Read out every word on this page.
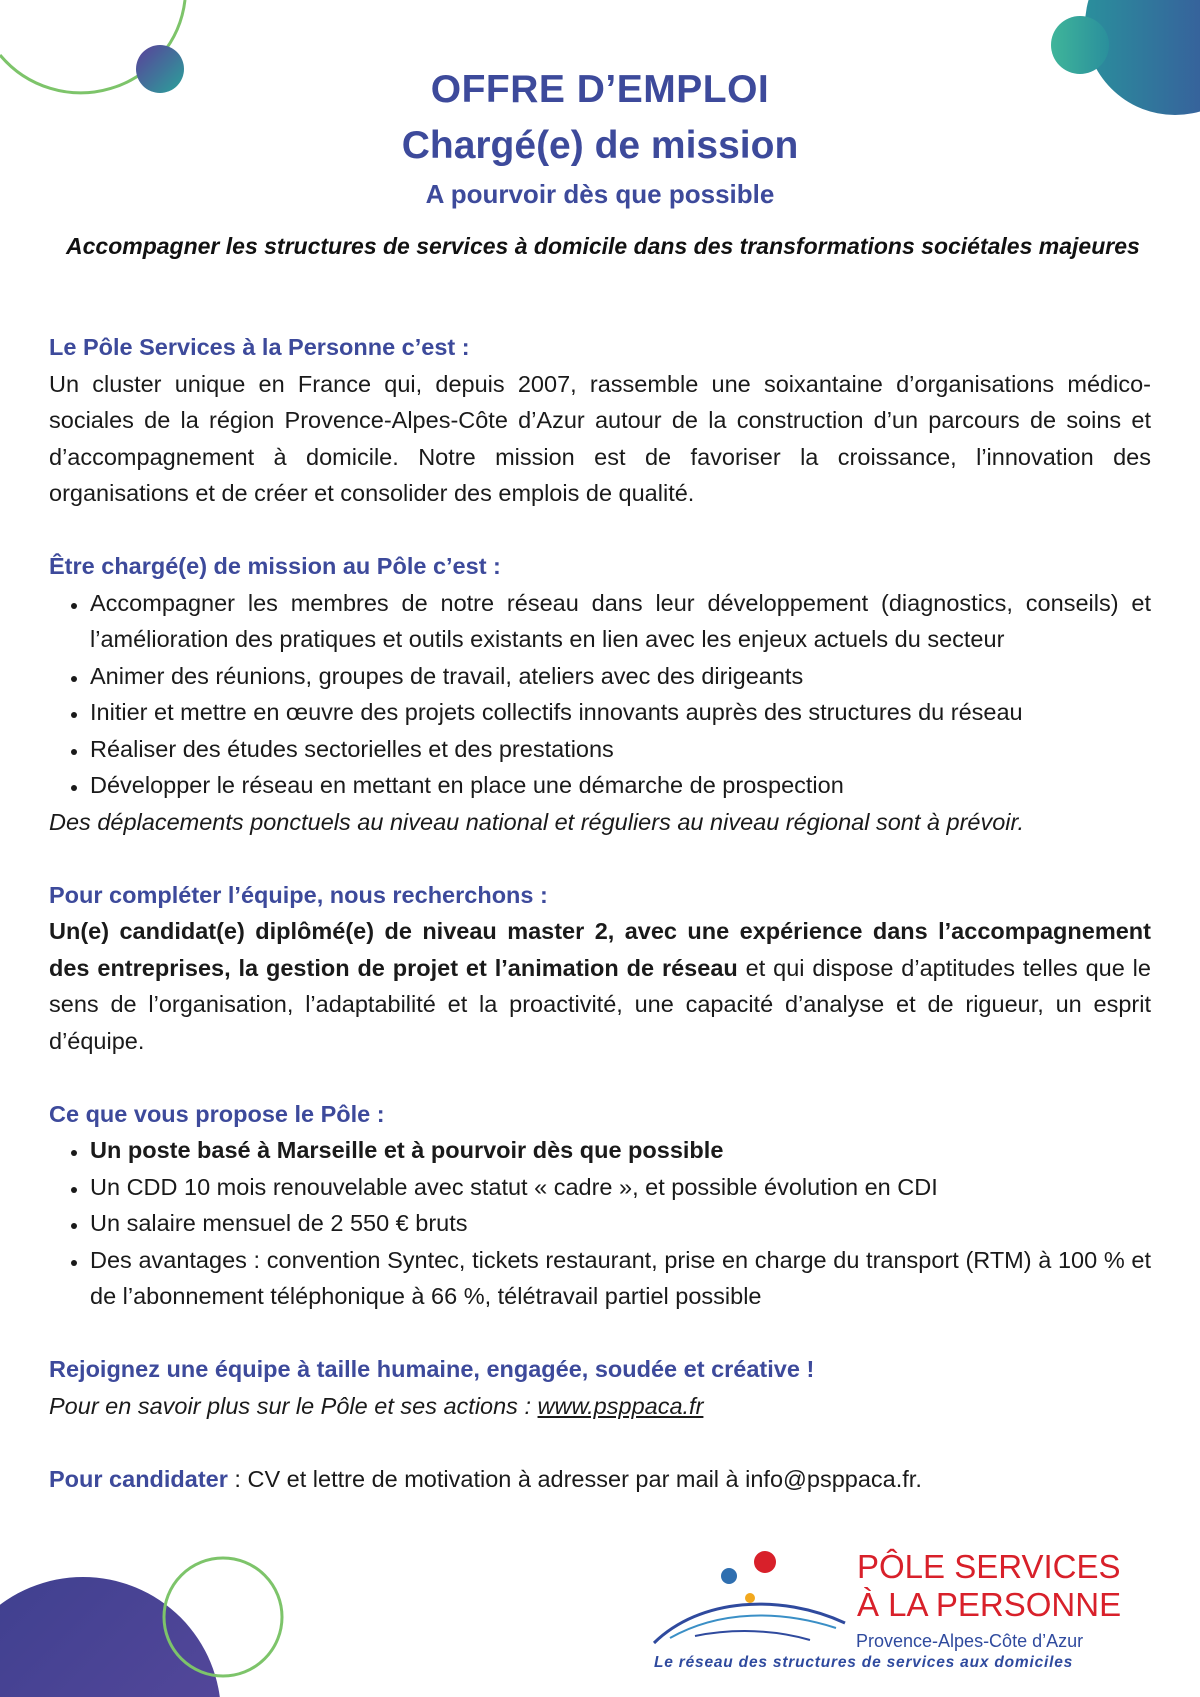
OFFRE D’EMPLOI
Chargé(e) de mission
A pourvoir dès que possible
Accompagner les structures de services à domicile dans des transformations sociétales majeures
Le Pôle Services à la Personne c’est :

Un cluster unique en France qui, depuis 2007, rassemble une soixantaine d’organisations médico-sociales de la région Provence-Alpes-Côte d’Azur autour de la construction d’un parcours de soins et d’accompagnement à domicile. Notre mission est de favoriser la croissance, l’innovation des organisations et de créer et consolider des emplois de qualité.

Être chargé(e) de mission au Pôle c’est :
• Accompagner les membres de notre réseau dans leur développement (diagnostics, conseils) et l’amélioration des pratiques et outils existants en lien avec les enjeux actuels du secteur
• Animer des réunions, groupes de travail, ateliers avec des dirigeants
• Initier et mettre en œuvre des projets collectifs innovants auprès des structures du réseau
• Réaliser des études sectorielles et des prestations
• Développer le réseau en mettant en place une démarche de prospection

Des déplacements ponctuels au niveau national et réguliers au niveau régional sont à prévoir.

Pour compléter l’équipe, nous recherchons :

Un(e) candidat(e) diplômé(e) de niveau master 2, avec une expérience dans l’accompagnement des entreprises, la gestion de projet et l’animation de réseau et qui dispose d’aptitudes telles que le sens de l’organisation, l’adaptabilité et la proactivité, une capacité d’analyse et de rigueur, un esprit d’équipe.

Ce que vous propose le Pôle :
• Un poste basé à Marseille et à pourvoir dès que possible
• Un CDD 10 mois renouvelable avec statut « cadre », et possible évolution en CDI
• Un salaire mensuel de 2 550 € bruts
• Des avantages : convention Syntec, tickets restaurant, prise en charge du transport (RTM) à 100 % et de l’abonnement téléphonique à 66 %, télétravail partiel possible
Rejoignez une équipe à taille humaine, engagée, soudée et créative !

Pour en savoir plus sur le Pôle et ses actions : www.psppaca.fr

Pour candidater : CV et lettre de motivation à adresser par mail à info@psppaca.fr.

PÔLE SERVICES
À LA PERSONNE
Provence-Alpes-Côte d’Azur
Le réseau des structures de services aux domiciles
